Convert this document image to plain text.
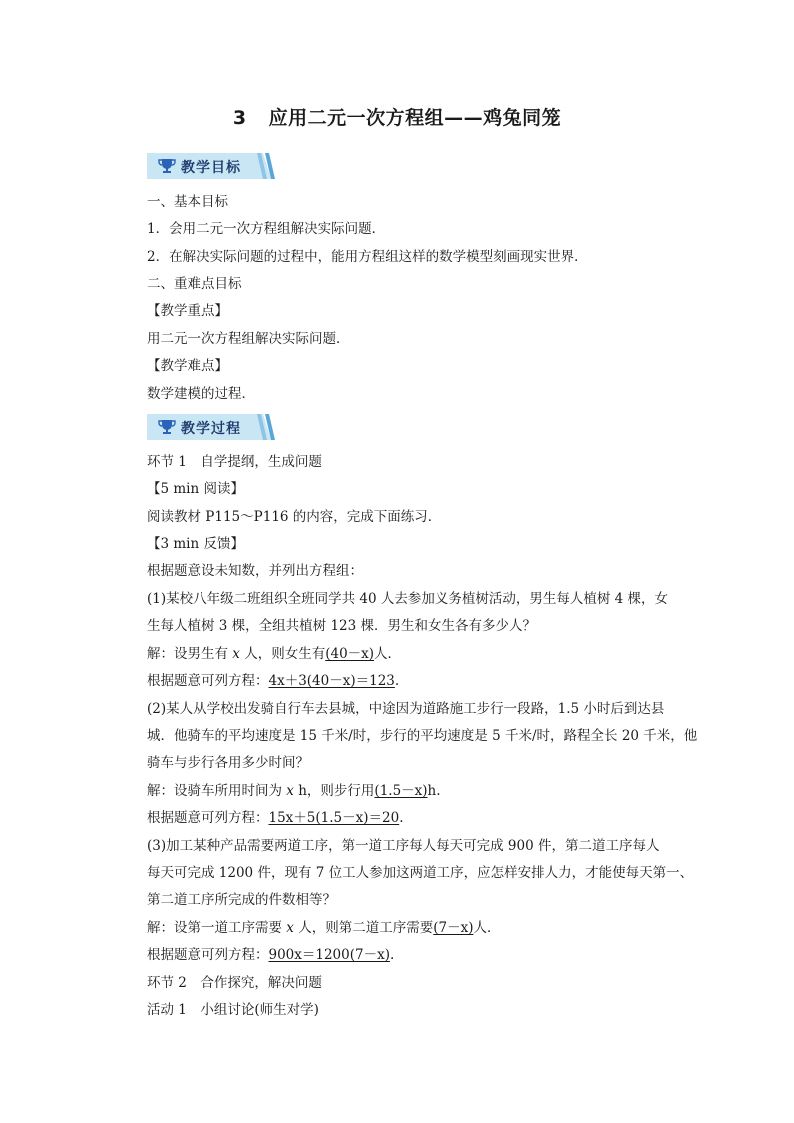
3 应用二元一次方程组——鸡兔同笼
教学目标
一、基本目标
1．会用二元一次方程组解决实际问题．
2．在解决实际问题的过程中，能用方程组这样的数学模型刻画现实世界．
二、重难点目标
【教学重点】
用二元一次方程组解决实际问题．
【教学难点】
数学建模的过程．
教学过程
环节 1　自学提纲，生成问题
【5 min 阅读】
阅读教材 P115～P116 的内容，完成下面练习．
【3 min 反馈】
根据题意设未知数，并列出方程组：
(1)某校八年级二班组织全班同学共 40 人去参加义务植树活动，男生每人植树 4 棵，女
生每人植树 3 棵，全组共植树 123 棵．男生和女生各有多少人？
解：设男生有 x 人，则女生有(40－x)人．
根据题意可列方程：4x＋3(40－x)＝123.
(2)某人从学校出发骑自行车去县城，中途因为道路施工步行一段路，1.5 小时后到达县
城．他骑车的平均速度是 15 千米/时，步行的平均速度是 5 千米/时，路程全长 20 千米，他
骑车与步行各用多少时间？
解：设骑车所用时间为 x h，则步行用(1.5－x)h.
根据题意可列方程：15x＋5(1.5－x)＝20.
(3)加工某种产品需要两道工序，第一道工序每人每天可完成 900 件，第二道工序每人
每天可完成 1200 件，现有 7 位工人参加这两道工序，应怎样安排人力，才能使每天第一、
第二道工序所完成的件数相等？
解：设第一道工序需要 x 人，则第二道工序需要(7－x)人．
根据题意可列方程：900x＝1200(7－x).
环节 2　合作探究，解决问题
活动 1　小组讨论(师生对学)
